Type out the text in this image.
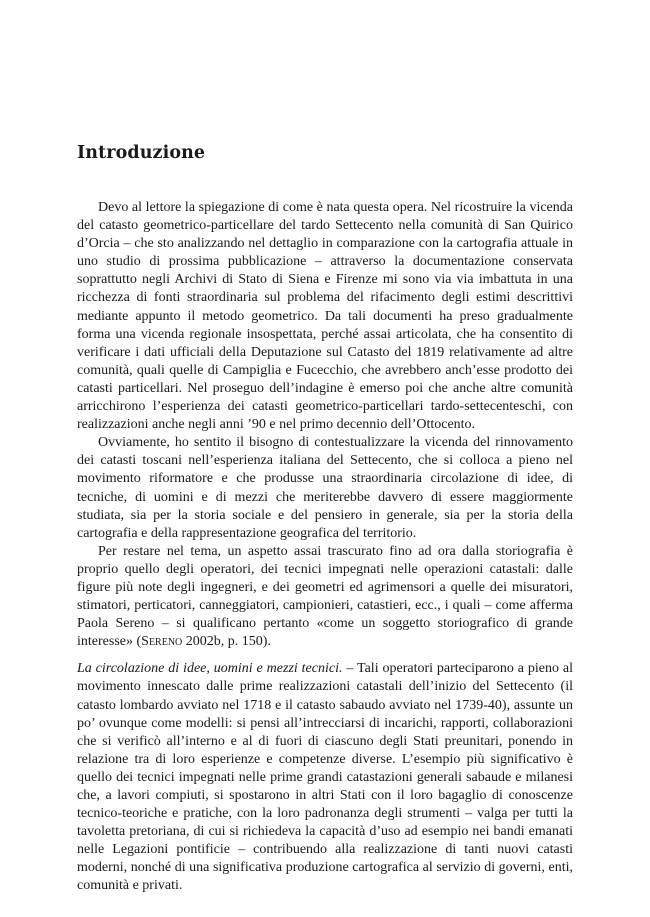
Introduzione

Devo al lettore la spiegazione di come è nata questa opera. Nel ricostruire la vicenda del catasto geometrico-particellare del tardo Settecento nella comunità di San Quirico d’Orcia – che sto analizzando nel dettaglio in comparazione con la cartografia attuale in uno studio di prossima pubblicazione – attraverso la documentazione conservata soprattutto negli Archivi di Stato di Siena e Firenze mi sono via via imbattuta in una ricchezza di fonti straordinaria sul problema del rifacimento degli estimi descrittivi mediante appunto il metodo geometrico. Da tali documenti ha preso gradualmente forma una vicenda regionale insospettata, perché assai articolata, che ha consentito di verificare i dati ufficiali della Deputazione sul Catasto del 1819 relativamente ad altre comunità, quali quelle di Campiglia e Fucecchio, che avrebbero anch’esse prodotto dei catasti particellari. Nel proseguo dell’indagine è emerso poi che anche altre comunità arricchirono l’esperienza dei catasti geometrico-particellari tardo-settecenteschi, con realizzazioni anche negli anni ’90 e nel primo decennio dell’Ottocento.

Ovviamente, ho sentito il bisogno di contestualizzare la vicenda del rinnovamento dei catasti toscani nell’esperienza italiana del Settecento, che si colloca a pieno nel movimento riformatore e che produsse una straordinaria circolazione di idee, di tecniche, di uomini e di mezzi che meriterebbe davvero di essere maggiormente studiata, sia per la storia sociale e del pensiero in generale, sia per la storia della cartografia e della rappresentazione geografica del territorio.

Per restare nel tema, un aspetto assai trascurato fino ad ora dalla storiografia è proprio quello degli operatori, dei tecnici impegnati nelle operazioni catastali: dalle figure più note degli ingegneri, e dei geometri ed agrimensori a quelle dei misuratori, stimatori, perticatori, canneggiatori, campionieri, catastieri, ecc., i quali – come afferma Paola Sereno – si qualificano pertanto «come un soggetto storiografico di grande interesse» (Sereno 2002b, p. 150).

La circolazione di idee, uomini e mezzi tecnici. – Tali operatori parteciparono a pieno al movimento innescato dalle prime realizzazioni catastali dell’inizio del Settecento (il catasto lombardo avviato nel 1718 e il catasto sabaudo avviato nel 1739-40), assunte un po’ ovunque come modelli: si pensi all’intrecciarsi di incarichi, rapporti, collaborazioni che si verificò all’interno e al di fuori di ciascuno degli Stati preunitari, ponendo in relazione tra di loro esperienze e competenze diverse. L’esempio più significativo è quello dei tecnici impegnati nelle prime grandi catastazioni generali sabaude e milanesi che, a lavori compiuti, si spostarono in altri Stati con il loro bagaglio di conoscenze tecnico-teoriche e pratiche, con la loro padronanza degli strumenti – valga per tutti la tavoletta pretoriana, di cui si richiedeva la capacità d’uso ad esempio nei bandi emanati nelle Legazioni pontificie – contribuendo alla realizzazione di tanti nuovi catasti moderni, nonché di una significativa produzione cartografica al servizio di governi, enti, comunità e privati.
